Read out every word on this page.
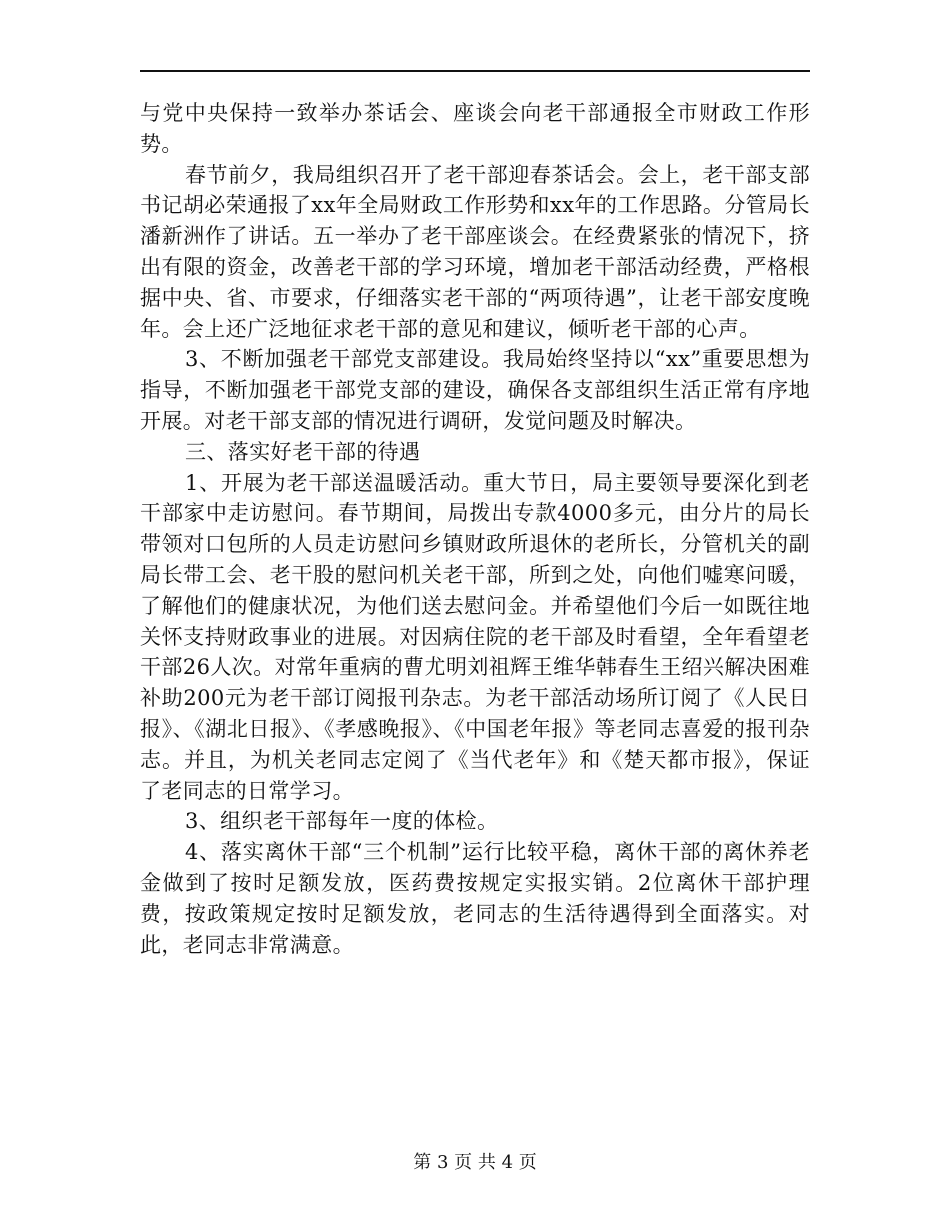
与党中央保持一致举办茶话会、座谈会向老干部通报全市财政工作形势。

春节前夕，我局组织召开了老干部迎春茶话会。会上，老干部支部书记胡必荣通报了xx年全局财政工作形势和xx年的工作思路。分管局长潘新洲作了讲话。五一举办了老干部座谈会。在经费紧张的情况下，挤出有限的资金，改善老干部的学习环境，增加老干部活动经费，严格根据中央、省、市要求，仔细落实老干部的“两项待遇”，让老干部安度晚年。会上还广泛地征求老干部的意见和建议，倾听老干部的心声。

3、不断加强老干部党支部建设。我局始终坚持以“xx”重要思想为指导，不断加强老干部党支部的建设，确保各支部组织生活正常有序地开展。对老干部支部的情况进行调研，发觉问题及时解决。

三、落实好老干部的待遇

1、开展为老干部送温暖活动。重大节日，局主要领导要深化到老干部家中走访慰问。春节期间，局拨出专款4000多元，由分片的局长带领对口包所的人员走访慰问乡镇财政所退休的老所长，分管机关的副局长带工会、老干股的慰问机关老干部，所到之处，向他们嘘寒问暖，了解他们的健康状况，为他们送去慰问金。并希望他们今后一如既往地关怀支持财政事业的进展。对因病住院的老干部及时看望，全年看望老干部26人次。对常年重病的曹尤明刘祖辉王维华韩春生王绍兴解决困难补助200元为老干部订阅报刊杂志。为老干部活动场所订阅了《人民日报》、《湖北日报》、《孝感晚报》、《中国老年报》等老同志喜爱的报刊杂志。并且，为机关老同志定阅了《当代老年》和《楚天都市报》，保证了老同志的日常学习。

3、组织老干部每年一度的体检。

4、落实离休干部“三个机制”运行比较平稳，离休干部的离休养老金做到了按时足额发放，医药费按规定实报实销。2位离休干部护理费，按政策规定按时足额发放，老同志的生活待遇得到全面落实。对此，老同志非常满意。

第 3 页 共 4 页
